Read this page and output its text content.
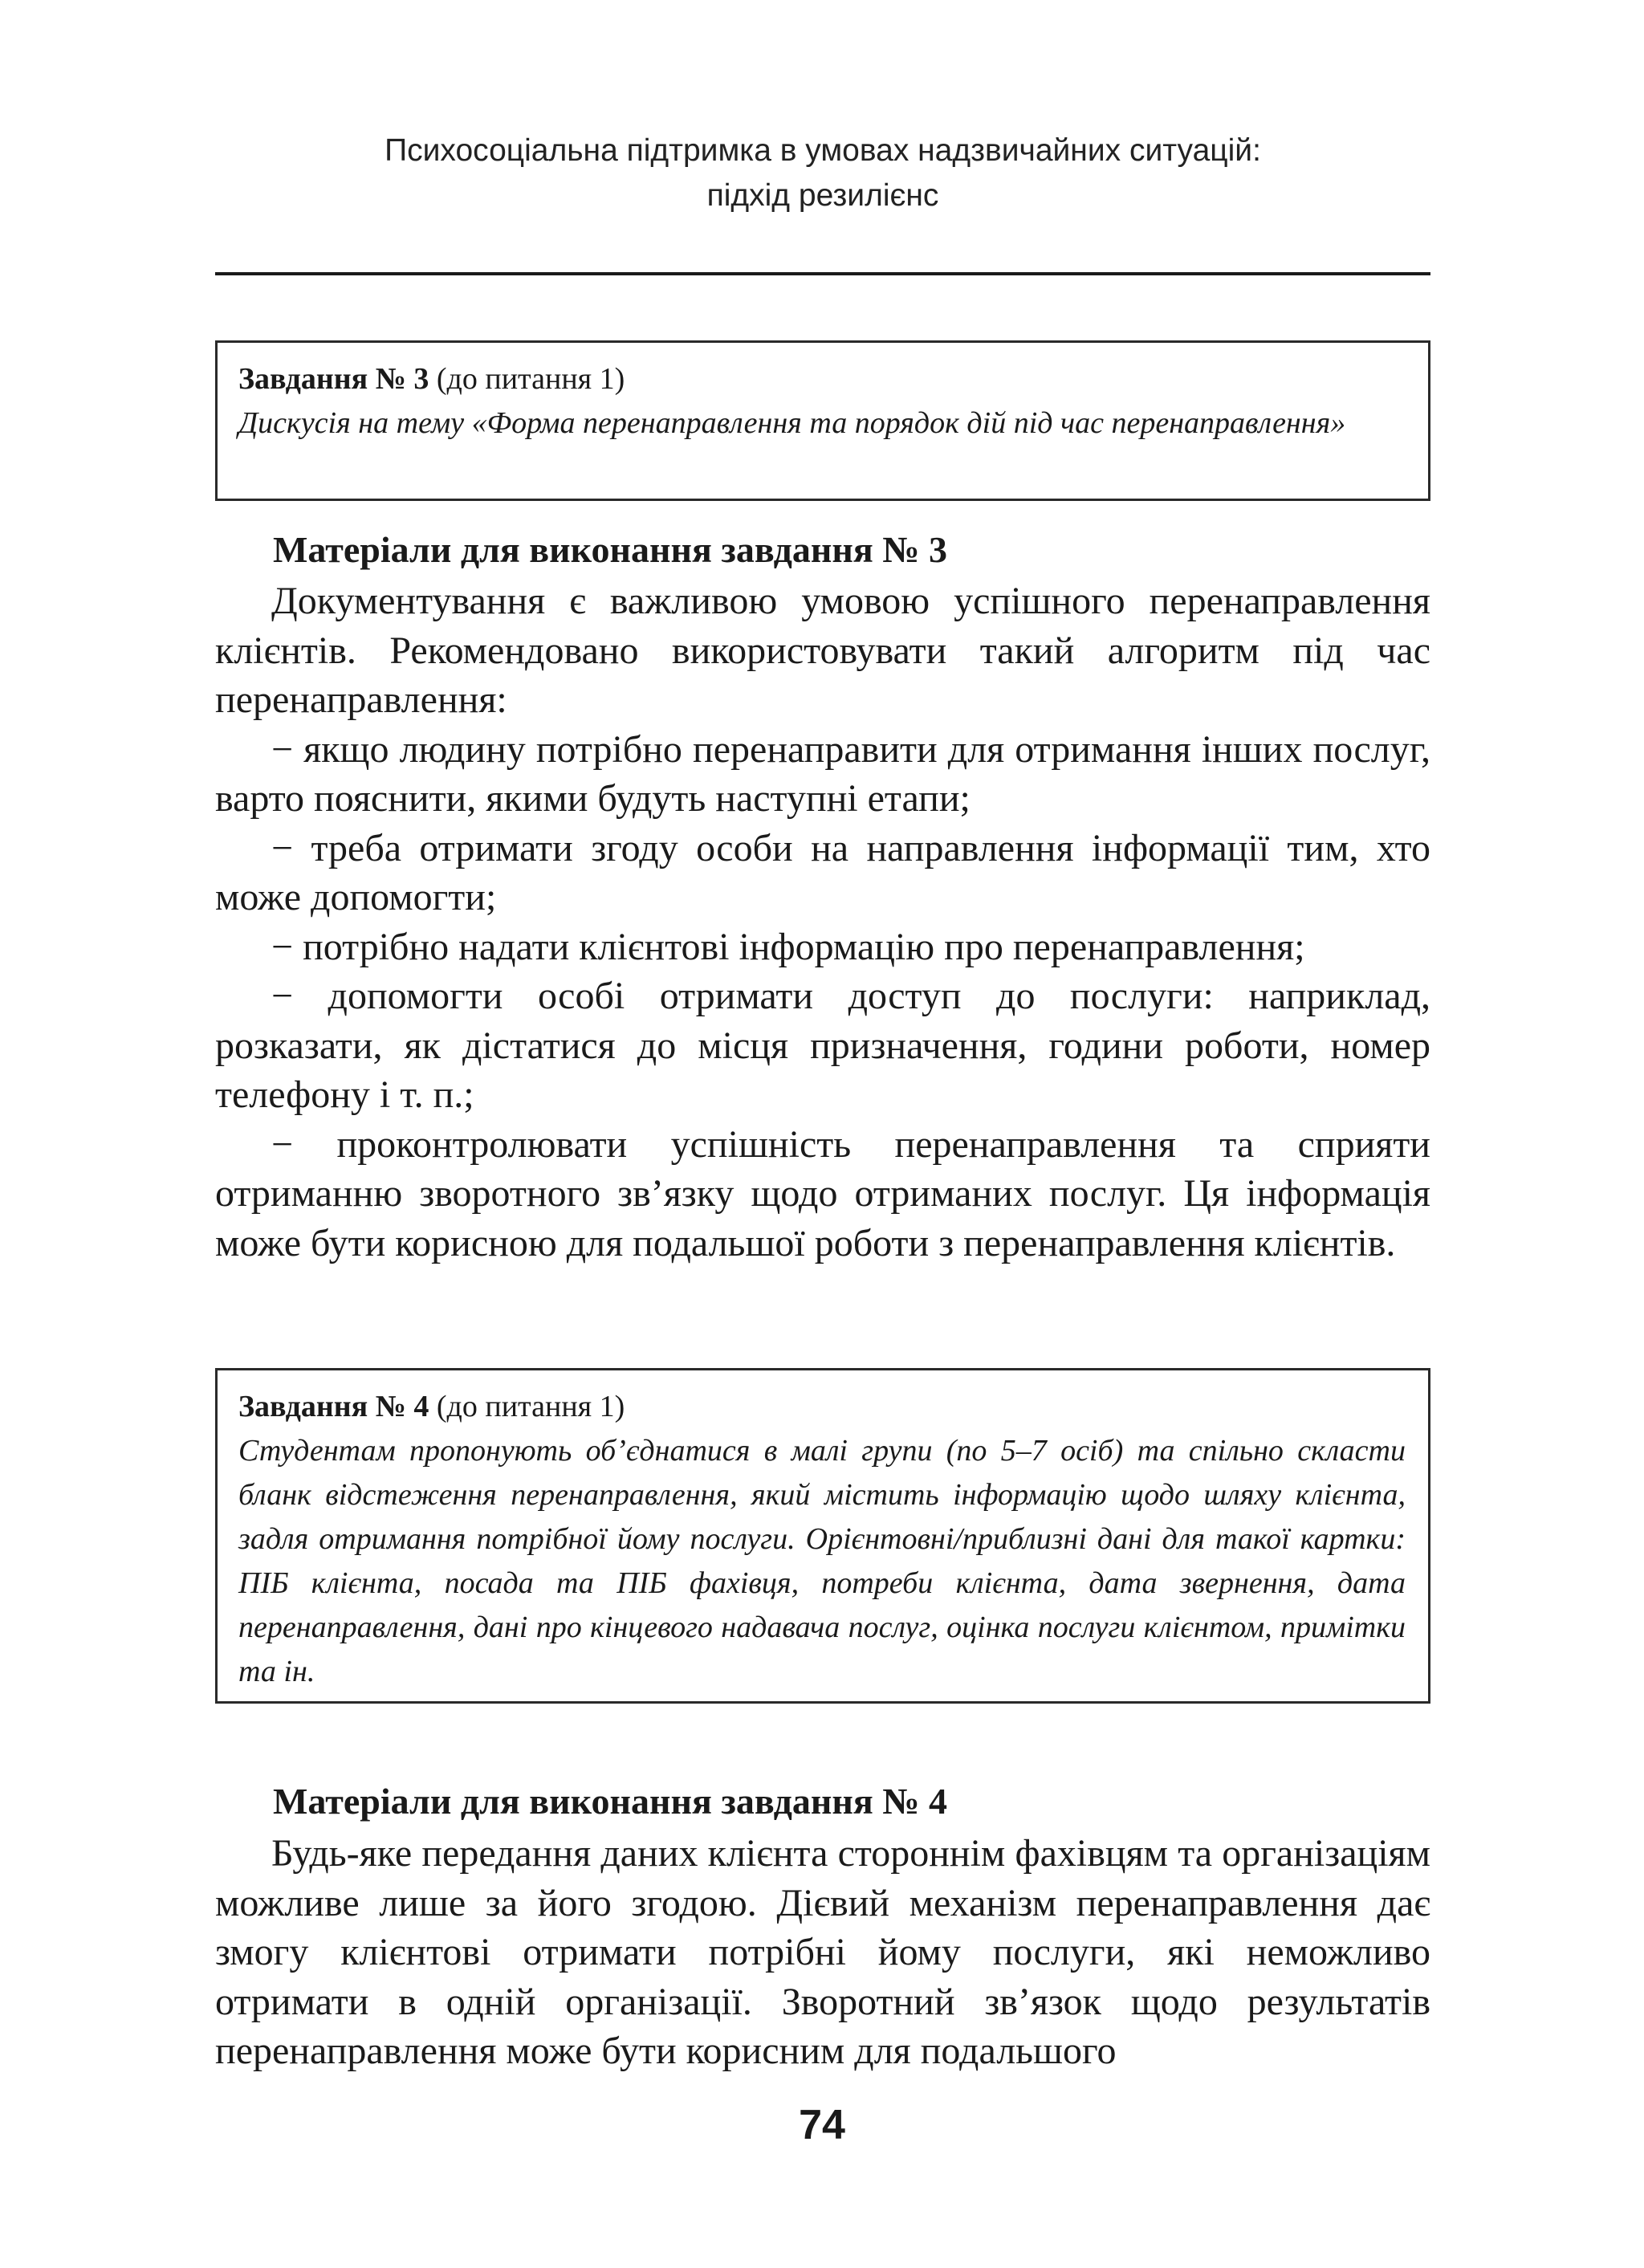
Психосоціальна підтримка в умовах надзвичайних ситуацій:
підхід резилієнс
Завдання № 3 (до питання 1)
Дискусія на тему «Форма перенаправлення та порядок дій під час перенаправлення»
Матеріали для виконання завдання № 3

Документування є важливою умовою успішного перенаправлення клієнтів. Рекомендовано використовувати такий алгоритм під час перенаправлення:

− якщо людину потрібно перенаправити для отримання інших послуг, варто пояснити, якими будуть наступні етапи;

− треба отримати згоду особи на направлення інформації тим, хто може допомогти;

− потрібно надати клієнтові інформацію про перенаправлення;

− допомогти особі отримати доступ до послуги: наприклад, розказати, як дістатися до місця призначення, години роботи, номер телефону і т. п.;

− проконтролювати успішність перенаправлення та сприяти отриманню зворотного зв’язку щодо отриманих послуг. Ця інформація може бути корисною для подальшої роботи з перенаправлення клієнтів.

Завдання № 4 (до питання 1)
Студентам пропонують об’єднатися в малі групи (по 5–7 осіб) та спільно скласти бланк відстеження перенаправлення, який містить інформацію щодо шляху клієнта, задля отримання потрібної йому послуги. Орієнтовні/приблизні дані для такої картки: ПІБ клієнта, посада та ПІБ фахівця, потреби клієнта, дата звернення, дата перенаправлення, дані про кінцевого надавача послуг, оцінка послуги клієнтом, примітки та ін.
Матеріали для виконання завдання № 4

Будь-яке передання даних клієнта стороннім фахівцям та організаціям можливе лише за його згодою. Дієвий механізм перенаправлення дає змогу клієнтові отримати потрібні йому послуги, які неможливо отримати в одній організації. Зворотний зв’язок щодо результатів перенаправлення може бути корисним для подальшого

74
